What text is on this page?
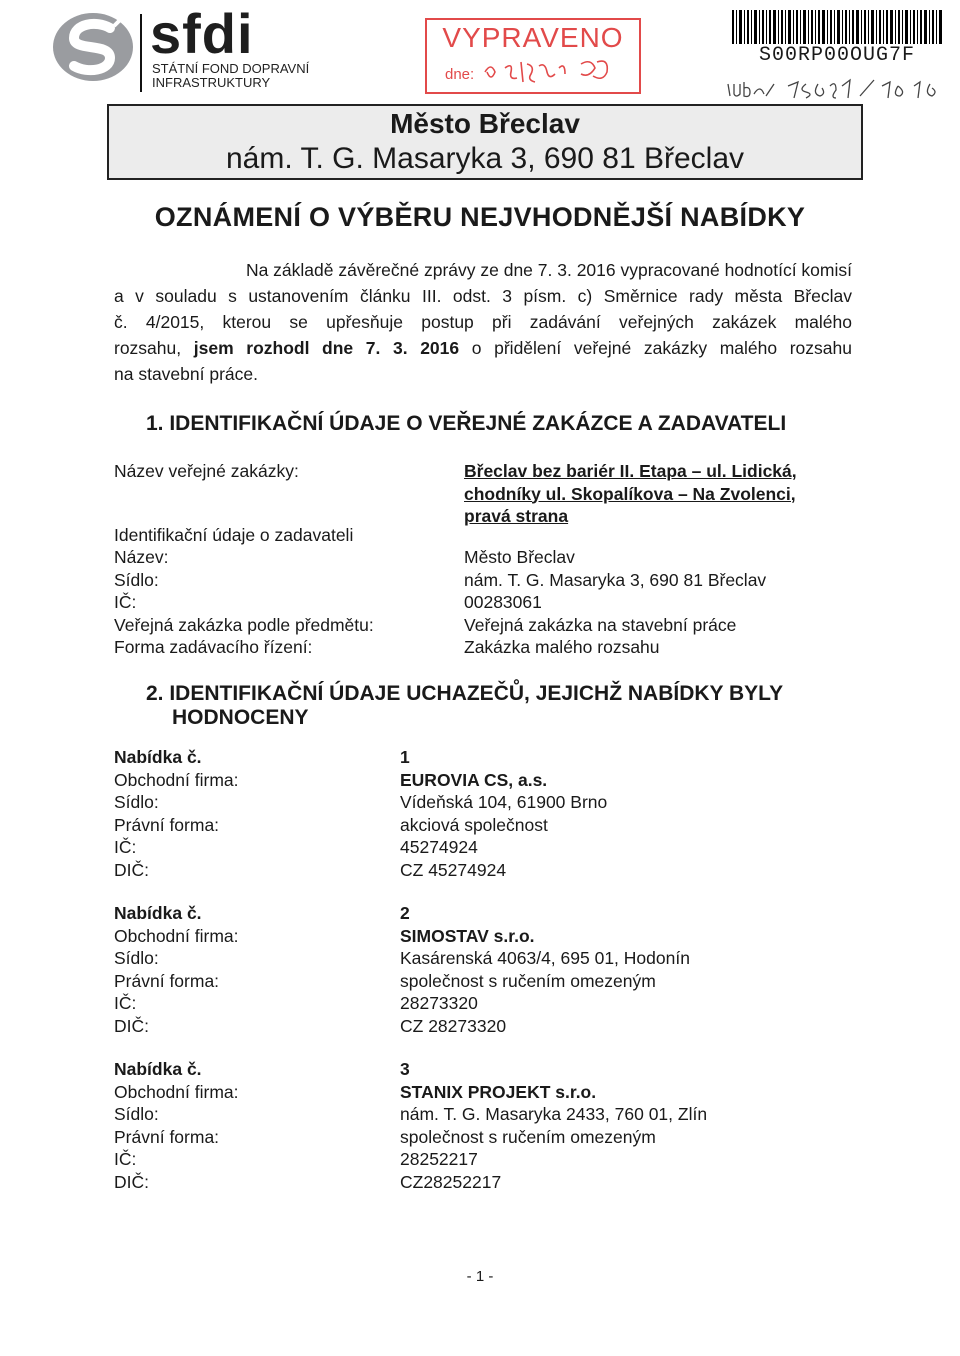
sfdi
STÁTNÍ FOND DOPRAVNÍ
INFRASTRUKTURY
VYPRAVENO
dne:
S00RP00OUG7F
Město Břeclav
nám. T. G. Masaryka 3, 690 81 Břeclav
OZNÁMENÍ O VÝBĚRU NEJVHODNĚJŠÍ NABÍDKY
Na základě závěrečné zprávy ze dne 7. 3. 2016 vypracované hodnotící komisí
a v souladu s ustanovením článku III. odst. 3 písm. c) Směrnice rady města Břeclav
č. 4/2015, kterou se upřesňuje postup při zadávání veřejných zakázek malého
rozsahu, jsem rozhodl dne 7. 3. 2016 o přidělení veřejné zakázky malého rozsahu
na stavební práce.
1. IDENTIFIKAČNÍ ÚDAJE O VEŘEJNÉ ZAKÁZCE A ZADAVATELI
Název veřejné zakázky:	Břeclav bez bariér II. Etapa – ul. Lidická,
chodníky ul. Skopalíkova – Na Zvolenci,
pravá strana
Identifikační údaje o zadavateli
Název:
Sídlo:
IČ:
Veřejná zakázka podle předmětu:
Forma zadávacího řízení:
Město Břeclav
nám. T. G. Masaryka 3, 690 81 Břeclav
00283061
Veřejná zakázka na stavební práce
Zakázka malého rozsahu
2. IDENTIFIKAČNÍ ÚDAJE UCHAZEČŮ, JEJICHŽ NABÍDKY BYLY
HODNOCENY
Nabídka č.
Obchodní firma:
Sídlo:
Právní forma:
IČ:
DIČ:
1
EUROVIA CS, a.s.
Vídeňská 104, 61900 Brno
akciová společnost
45274924
CZ 45274924
Nabídka č.
Obchodní firma:
Sídlo:
Právní forma:
IČ:
DIČ:
2
SIMOSTAV s.r.o.
Kasárenská 4063/4, 695 01, Hodonín
společnost s ručením omezeným
28273320
CZ 28273320
Nabídka č.
Obchodní firma:
Sídlo:
Právní forma:
IČ:
DIČ:
3
STANIX PROJEKT s.r.o.
nám. T. G. Masaryka 2433, 760 01, Zlín
společnost s ručením omezeným
28252217
CZ28252217
- 1 -
